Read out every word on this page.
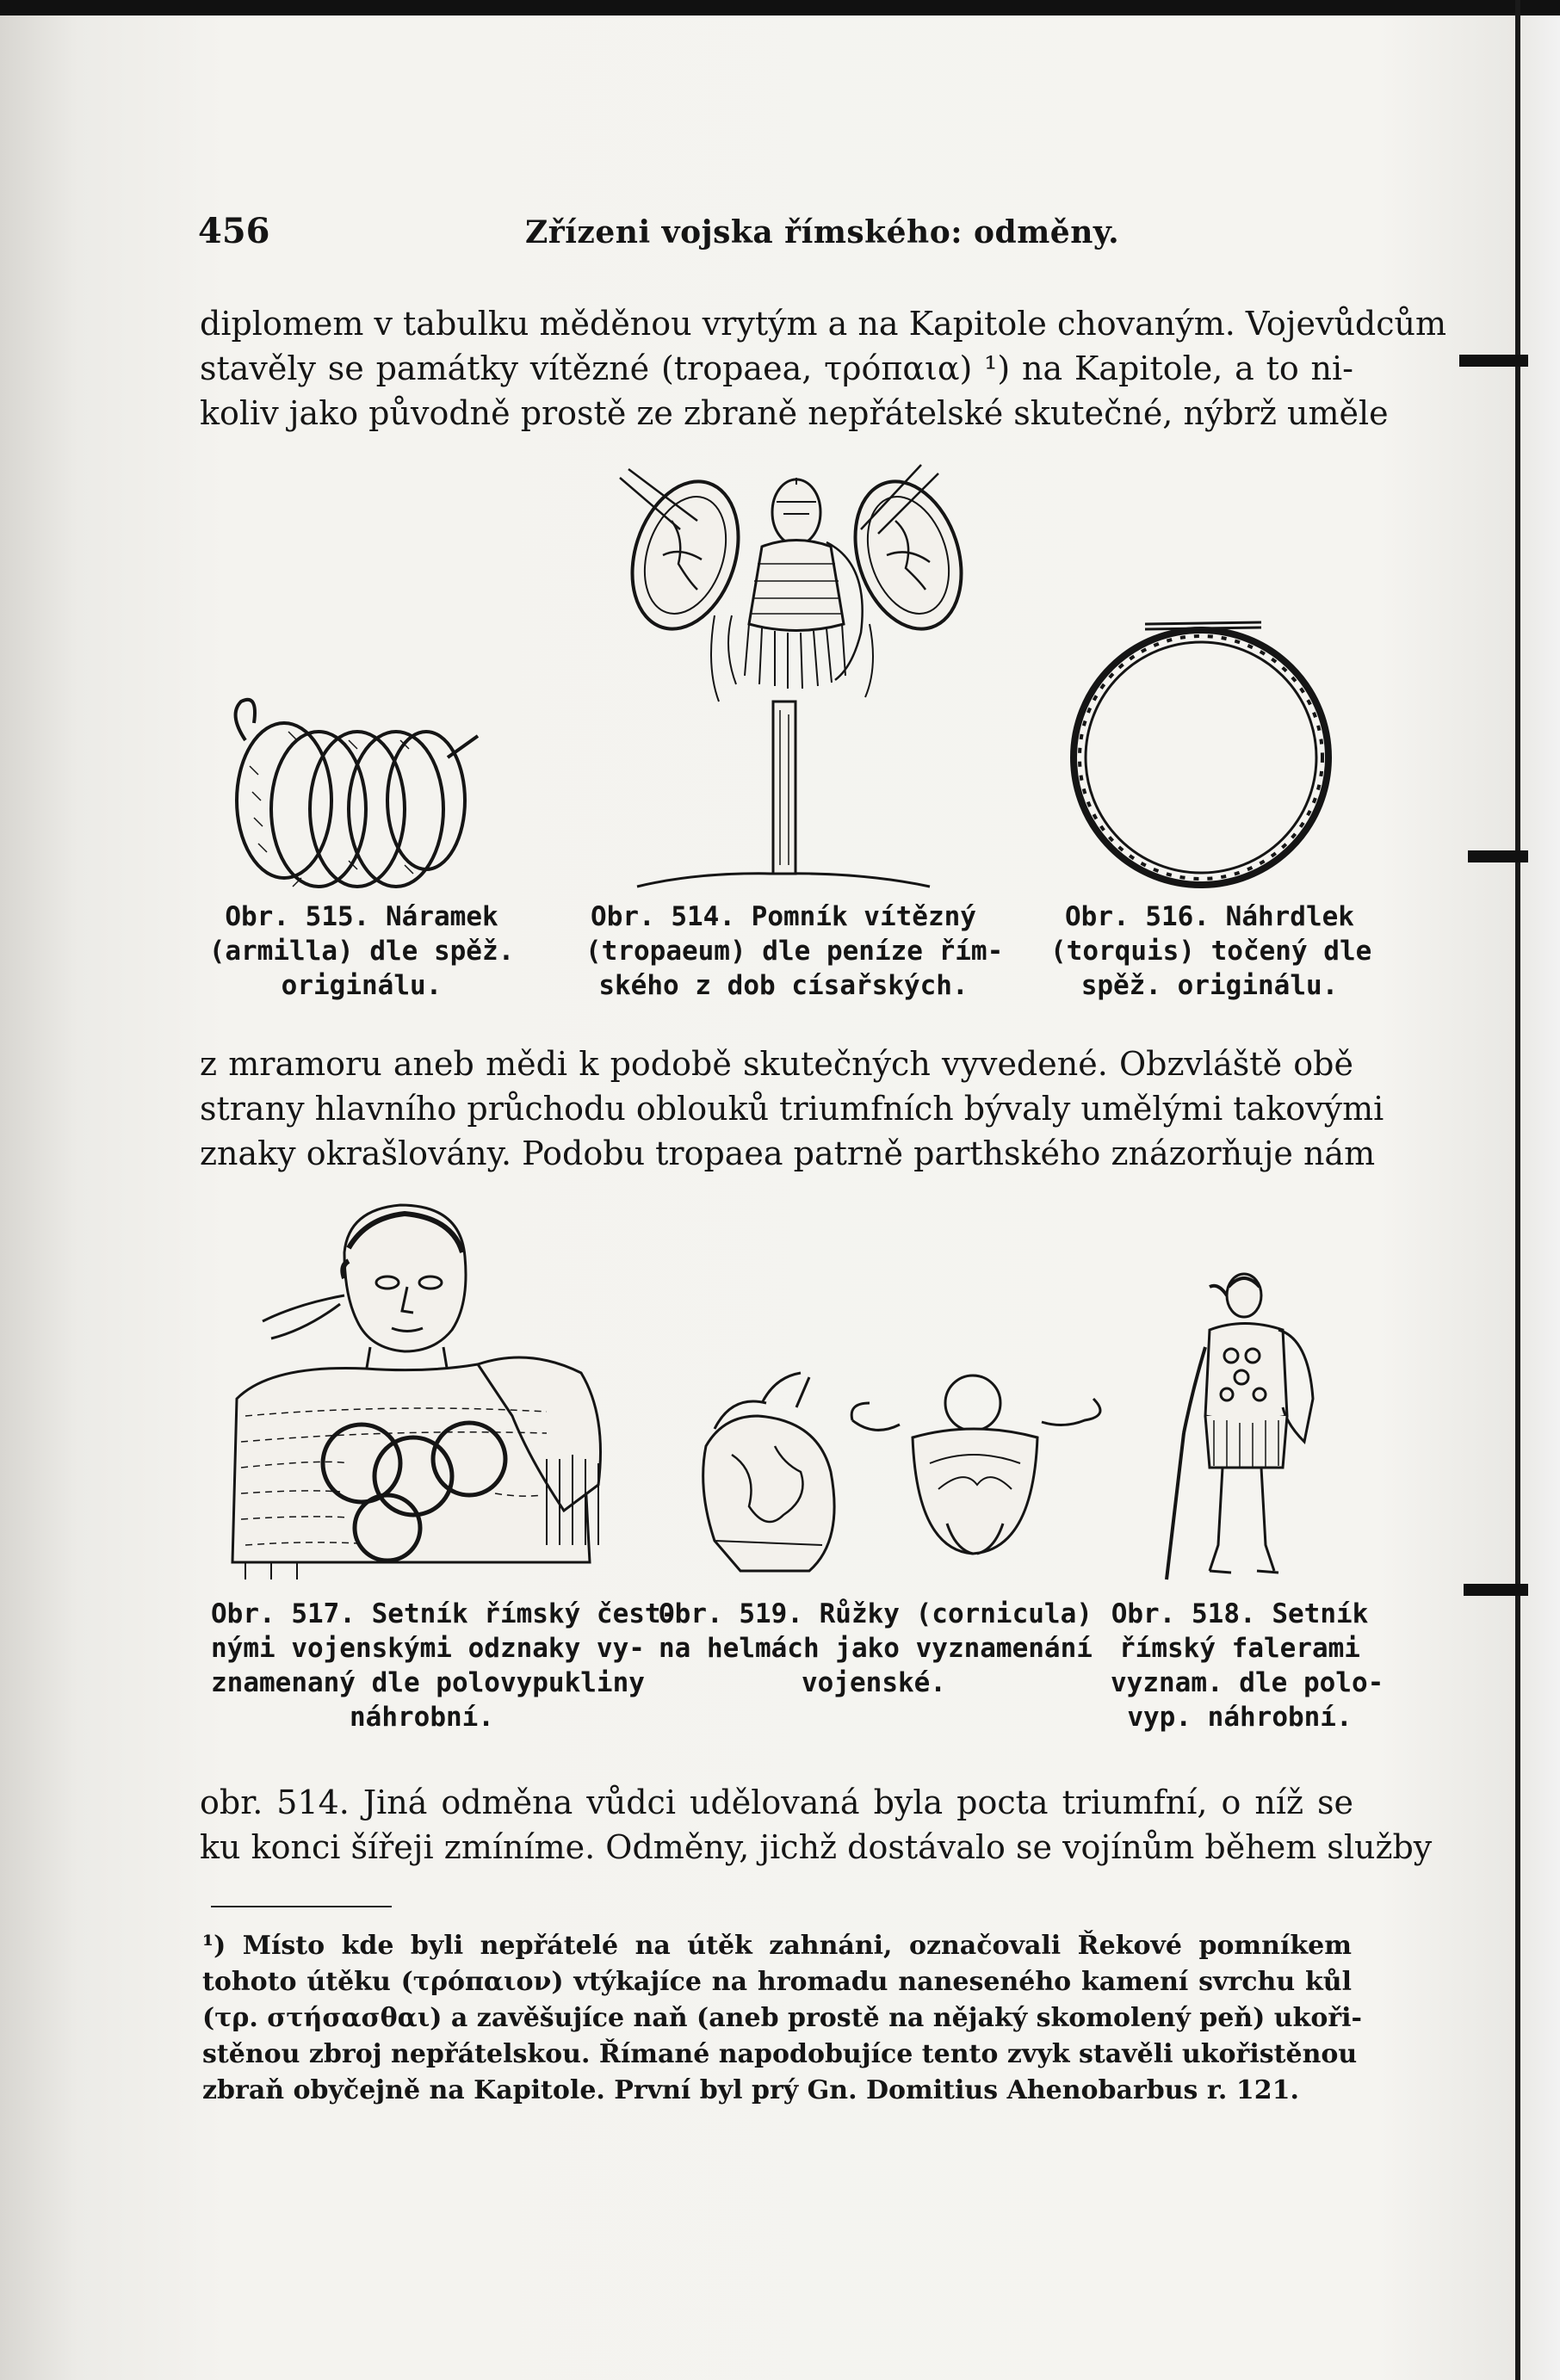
456	Zřízeni vojska římského: odměny.
diplomem v tabulku měděnou vrytým a na Kapitole chovaným. Vojevůdcům
stavěly se památky vítězné (tropaea, τρόπαια) ¹) na Kapitole, a to ni-
koliv jako původně prostě ze zbraně nepřátelské skutečné, nýbrž uměle
Obr. 515. Náramek
(armilla) dle spěž.
originálu.
Obr. 514. Pomník vítězný
(tropaeum) dle peníze řím-
ského z dob císařských.
Obr. 516. Náhrdlek
(torquis) točený dle
spěž. originálu.
z mramoru aneb mědi k podobě skutečných vyvedené. Obzvláště obě
strany hlavního průchodu oblouků triumfních bývaly umělými takovými
znaky okrašlovány. Podobu tropaea patrně parthského znázorňuje nám
Obr. 517. Setník římský čest-
nými vojenskými odznaky vy-
znamenaný dle polovypukliny
náhrobní.
Obr. 519. Růžky (cornicula)
na helmách jako vyznamenání
vojenské.
Obr. 518. Setník
římský falerami
vyznam. dle polo-
vyp. náhrobní.
obr. 514. Jiná odměna vůdci udělovaná byla pocta triumfní, o níž se
ku konci šířeji zmíníme. Odměny, jichž dostávalo se vojínům během služby
¹) Místo kde byli nepřátelé na útěk zahnáni, označovali Řekové pomníkem
tohoto útěku (τρόπαιον) vtýkajíce na hromadu naneseného kamení svrchu kůl
(τρ. στήσασθαι) a zavěšujíce naň (aneb prostě na nějaký skomolený peň) ukoři-
stěnou zbroj nepřátelskou. Římané napodobujíce tento zvyk stavěli ukořistěnou
zbraň obyčejně na Kapitole. První byl prý Gn. Domitius Ahenobarbus r. 121.
